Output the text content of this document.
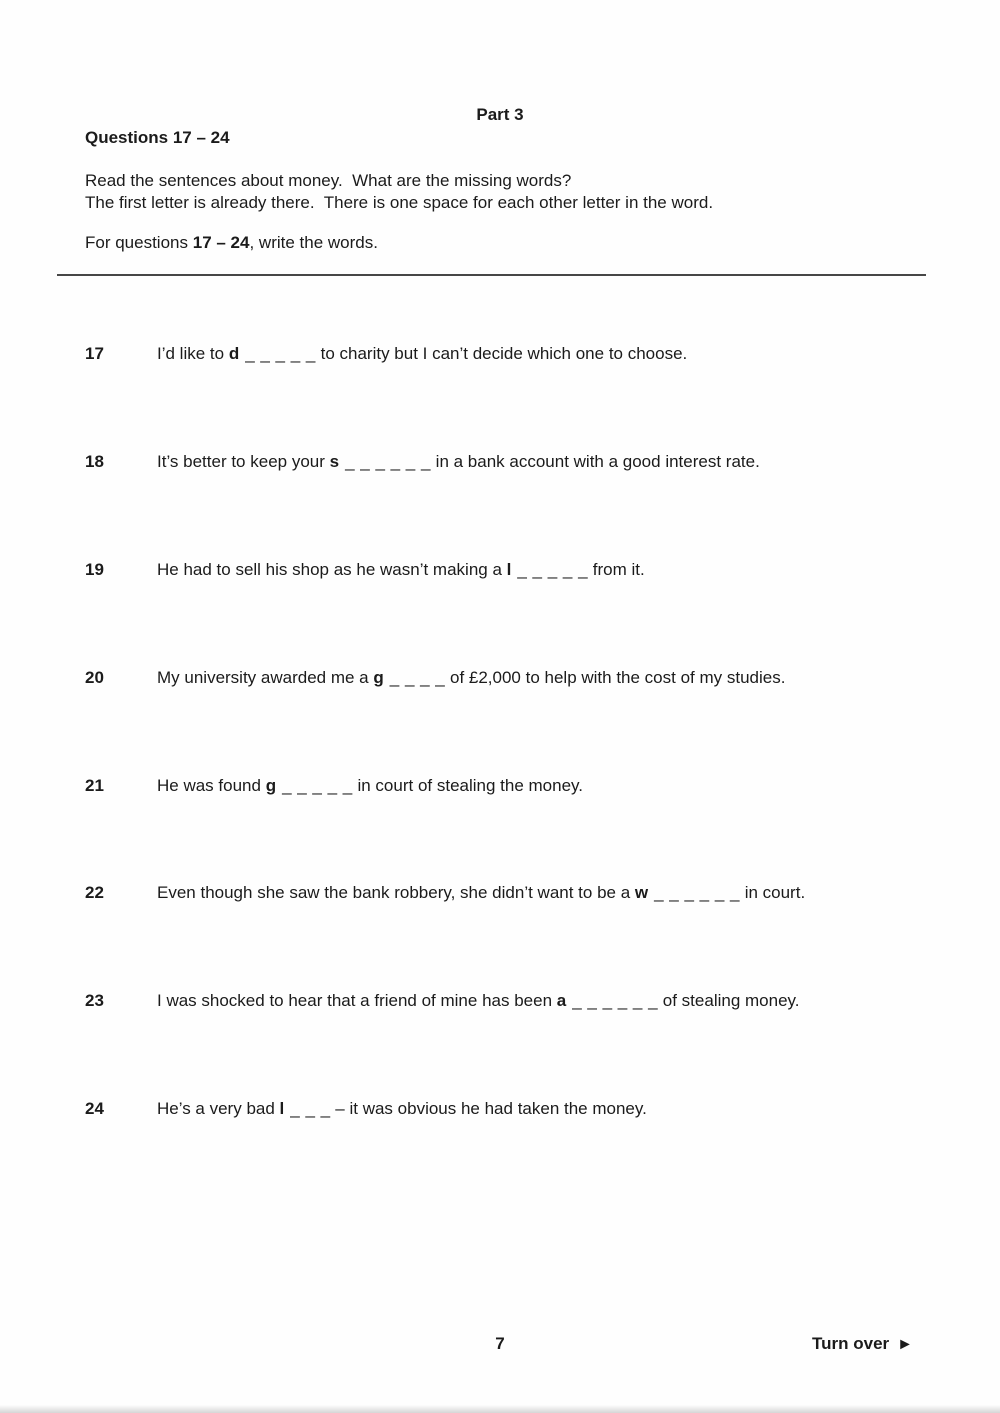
Part 3
Questions 17 – 24
Read the sentences about money.  What are the missing words?
The first letter is already there.  There is one space for each other letter in the word.
For questions 17 – 24, write the words.
17	I’d like to d _ _ _ _ _ to charity but I can’t decide which one to choose.
18	It’s better to keep your s _ _ _ _ _ _ in a bank account with a good interest rate.
19	He had to sell his shop as he wasn’t making a l _ _ _ _ _ from it.
20	My university awarded me a g _ _ _ _ of £2,000 to help with the cost of my studies.
21	He was found g _ _ _ _ _ in court of stealing the money.
22	Even though she saw the bank robbery, she didn’t want to be a w _ _ _ _ _ _ in court.
23	I was shocked to hear that a friend of mine has been a _ _ _ _ _ _ of stealing money.
24	He’s a very bad l _ _ _ – it was obvious he had taken the money.
7	Turn over ►
